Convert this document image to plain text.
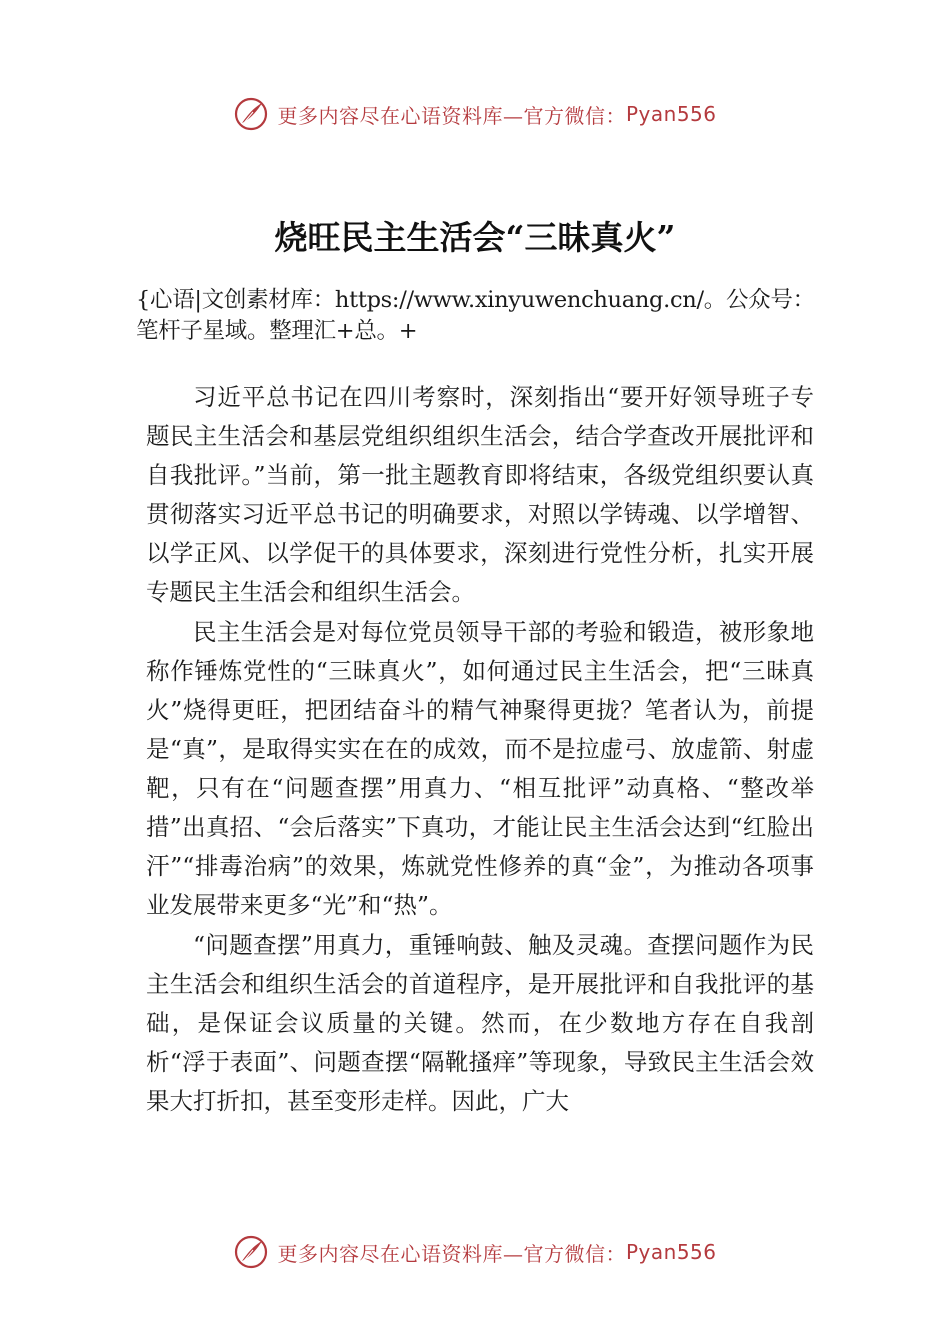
更多内容尽在心语资料库—官方微信： Pyan556
烧旺民主生活会“三昧真火”

{心语|文创素材库：https://www.xinyuwenchuang.cn/。公众号：笔杆子星域。整理汇+总。+

习近平总书记在四川考察时，深刻指出“要开好领导班子专题民主生活会和基层党组织组织生活会，结合学查改开展批评和自我批评。”当前，第一批主题教育即将结束，各级党组织要认真贯彻落实习近平总书记的明确要求，对照以学铸魂、以学增智、以学正风、以学促干的具体要求，深刻进行党性分析，扎实开展专题民主生活会和组织生活会。

民主生活会是对每位党员领导干部的考验和锻造，被形象地称作锤炼党性的“三昧真火”，如何通过民主生活会，把“三昧真火”烧得更旺，把团结奋斗的精气神聚得更拢？笔者认为，前提是“真”，是取得实实在在的成效，而不是拉虚弓、放虚箭、射虚靶，只有在“问题查摆”用真力、“相互批评”动真格、“整改举措”出真招、“会后落实”下真功，才能让民主生活会达到“红脸出汗”“排毒治病”的效果，炼就党性修养的真“金”，为推动各项事业发展带来更多“光”和“热”。

“问题查摆”用真力，重锤响鼓、触及灵魂。查摆问题作为民主生活会和组织生活会的首道程序，是开展批评和自我批评的基础，是保证会议质量的关键。然而，在少数地方存在自我剖析“浮于表面”、问题查摆“隔靴搔痒”等现象，导致民主生活会效果大打折扣，甚至变形走样。因此，广大

更多内容尽在心语资料库—官方微信： Pyan556
